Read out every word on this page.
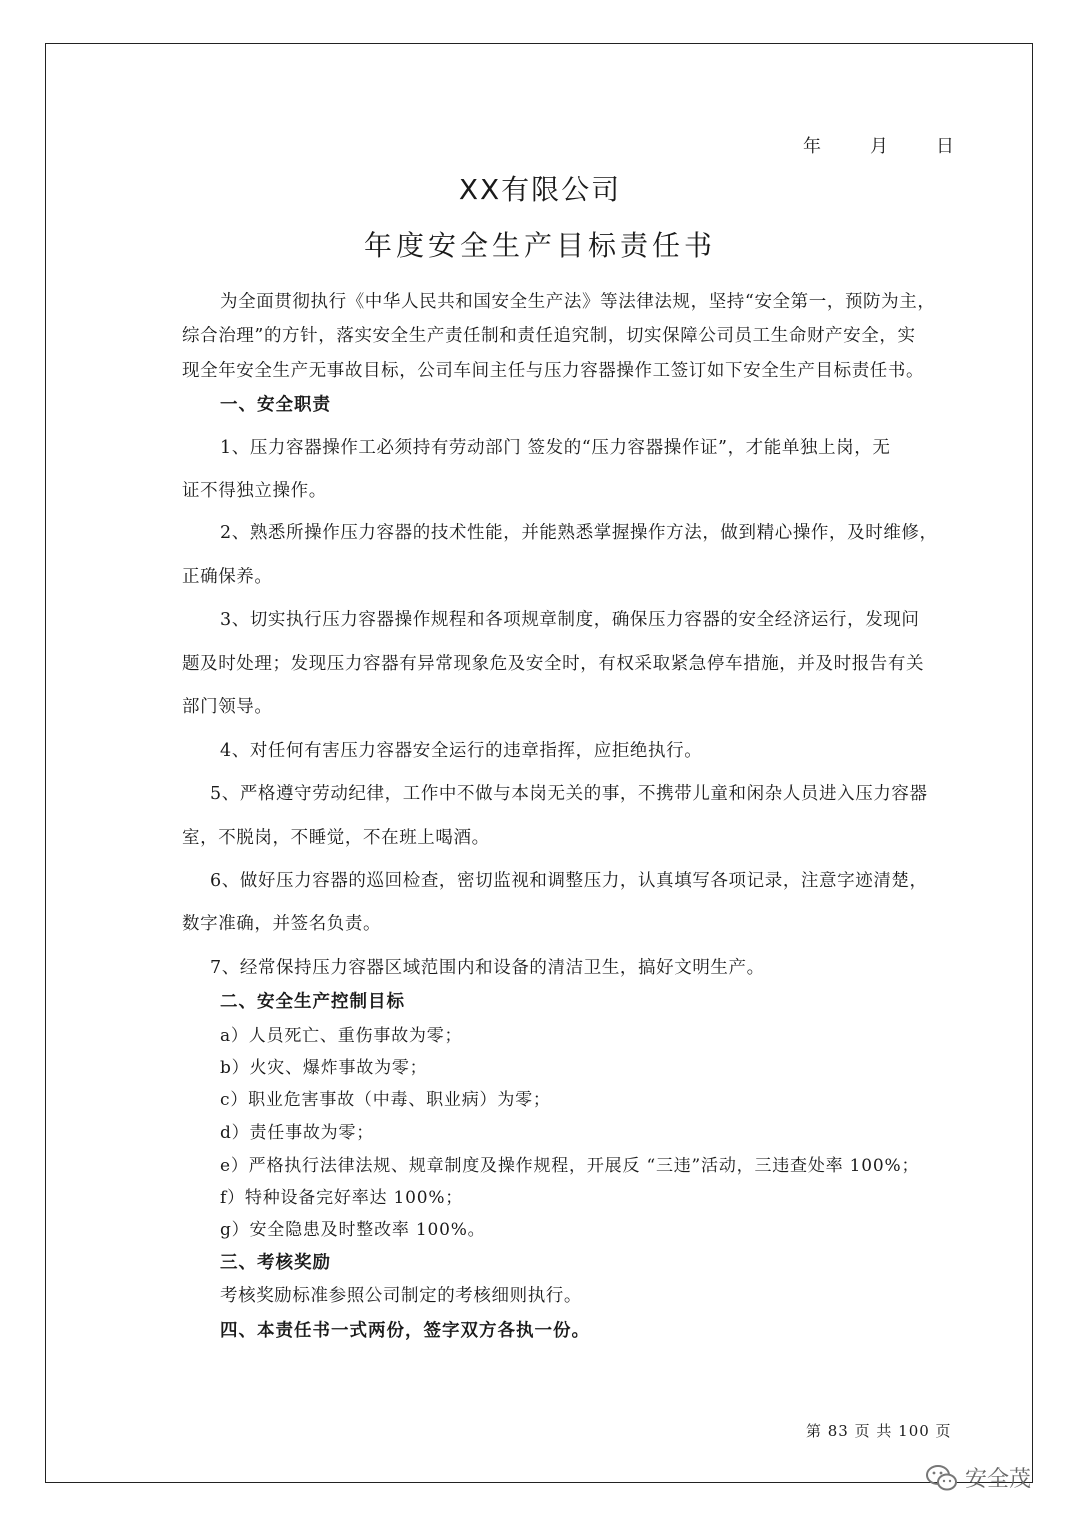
年	月	日
XX有限公司
年度安全生产目标责任书
为全面贯彻执行《中华人民共和国安全生产法》等法律法规，坚持“安全第一，预防为主，
综合治理”的方针，落实安全生产责任制和责任追究制，切实保障公司员工生命财产安全，实
现全年安全生产无事故目标，公司车间主任与压力容器操作工签订如下安全生产目标责任书。
一、安全职责
1、压力容器操作工必须持有劳动部门 签发的“压力容器操作证”，才能单独上岗，无
证不得独立操作。
2、熟悉所操作压力容器的技术性能，并能熟悉掌握操作方法，做到精心操作，及时维修，
正确保养。
3、切实执行压力容器操作规程和各项规章制度，确保压力容器的安全经济运行，发现问
题及时处理；发现压力容器有异常现象危及安全时，有权采取紧急停车措施，并及时报告有关
部门领导。
4、对任何有害压力容器安全运行的违章指挥，应拒绝执行。
5、严格遵守劳动纪律，工作中不做与本岗无关的事，不携带儿童和闲杂人员进入压力容器
室，不脱岗，不睡觉，不在班上喝酒。
6、做好压力容器的巡回检查，密切监视和调整压力，认真填写各项记录，注意字迹清楚，
数字准确，并签名负责。
7、经常保持压力容器区域范围内和设备的清洁卫生，搞好文明生产。
二、安全生产控制目标
a）人员死亡、重伤事故为零；
b）火灾、爆炸事故为零；
c）职业危害事故（中毒、职业病）为零；
d）责任事故为零；
e）严格执行法律法规、规章制度及操作规程，开展反 “三违”活动，三违查处率 100%；
f）特种设备完好率达 100%；
g）安全隐患及时整改率 100%。
三、考核奖励
考核奖励标准参照公司制定的考核细则执行。
四、本责任书一式两份，签字双方各执一份。
第 83 页 共 100 页
安全茂
